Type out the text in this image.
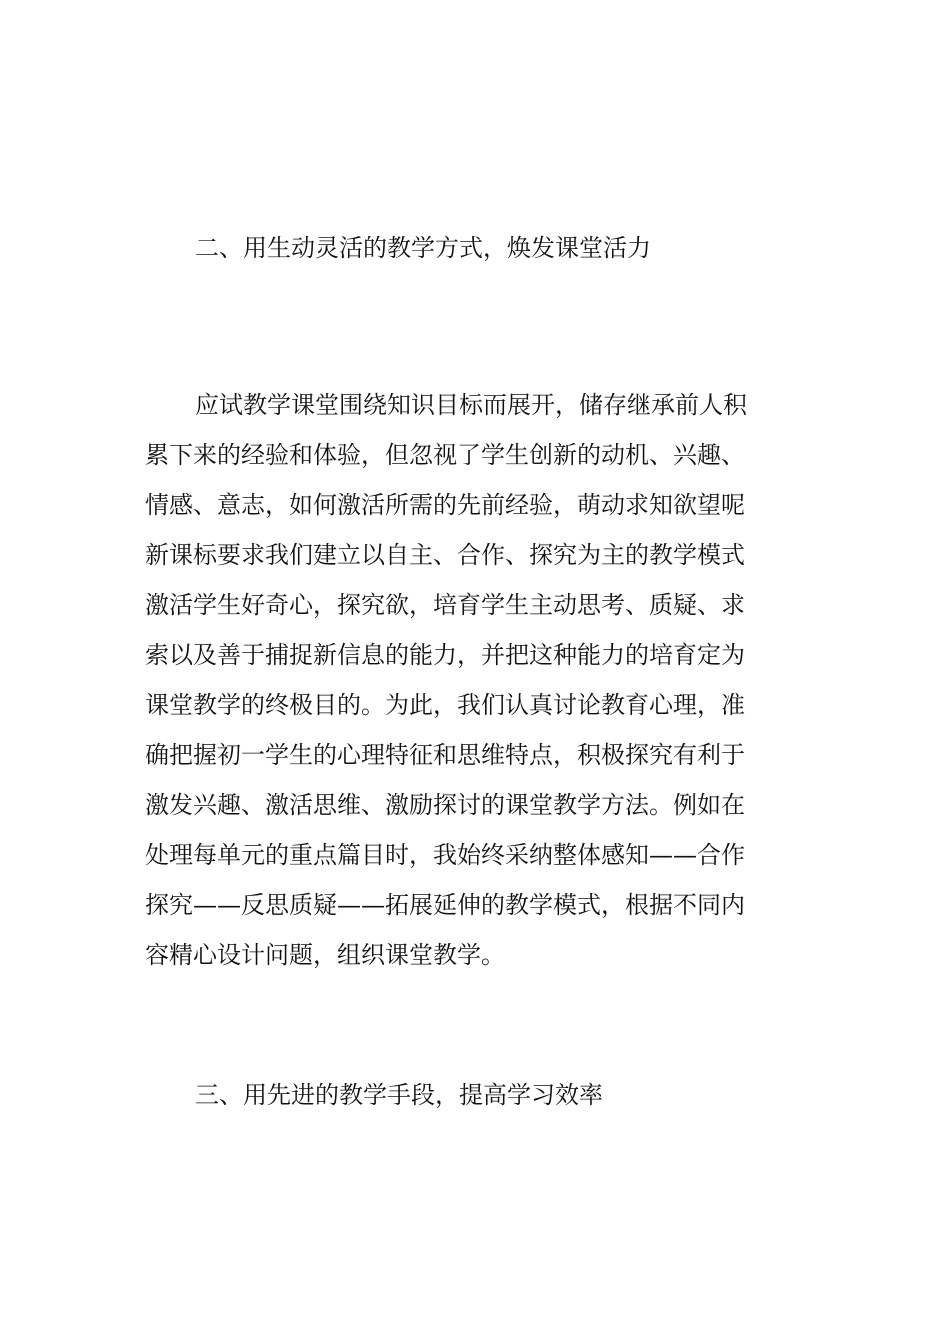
二、用生动灵活的教学方式，焕发课堂活力
应试教学课堂围绕知识目标而展开，储存继承前人积
累下来的经验和体验，但忽视了学生创新的动机、兴趣、
情感、意志，如何激活所需的先前经验，萌动求知欲望呢
新课标要求我们建立以自主、合作、探究为主的教学模式
激活学生好奇心，探究欲，培育学生主动思考、质疑、求
索以及善于捕捉新信息的能力，并把这种能力的培育定为
课堂教学的终极目的。为此，我们认真讨论教育心理，准
确把握初一学生的心理特征和思维特点，积极探究有利于
激发兴趣、激活思维、激励探讨的课堂教学方法。例如在
处理每单元的重点篇目时，我始终采纳整体感知——合作
探究——反思质疑——拓展延伸的教学模式，根据不同内
容精心设计问题，组织课堂教学。
三、用先进的教学手段，提高学习效率
